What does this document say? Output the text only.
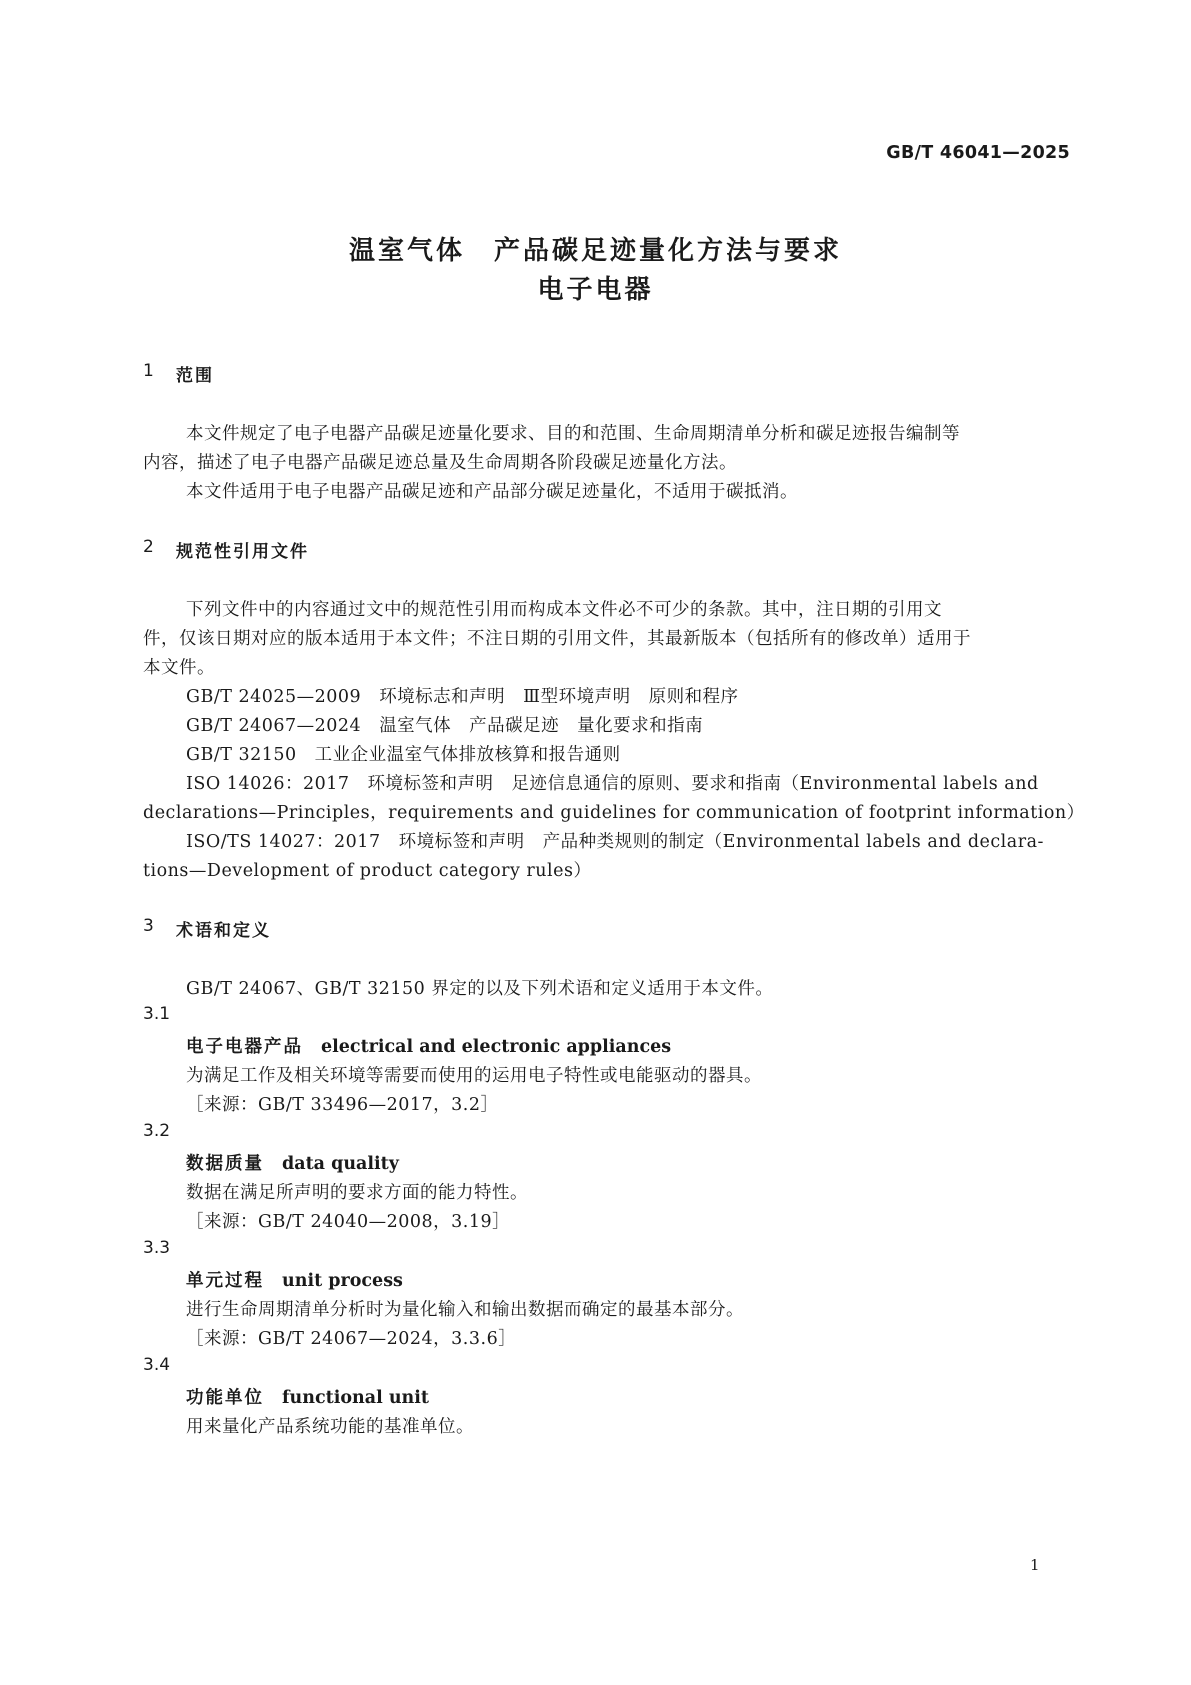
GB/T 46041—2025
温室气体　产品碳足迹量化方法与要求
电子电器
1 范围
本文件规定了电子电器产品碳足迹量化要求、目的和范围、生命周期清单分析和碳足迹报告编制等
内容，描述了电子电器产品碳足迹总量及生命周期各阶段碳足迹量化方法。
本文件适用于电子电器产品碳足迹和产品部分碳足迹量化，不适用于碳抵消。
2 规范性引用文件
下列文件中的内容通过文中的规范性引用而构成本文件必不可少的条款。其中，注日期的引用文
件，仅该日期对应的版本适用于本文件；不注日期的引用文件，其最新版本（包括所有的修改单）适用于
本文件。
GB/T 24025—2009 环境标志和声明　Ⅲ型环境声明　原则和程序
GB/T 24067—2024 温室气体　产品碳足迹　量化要求和指南
GB/T 32150 工业企业温室气体排放核算和报告通则
ISO 14026：2017　环境标签和声明　足迹信息通信的原则、要求和指南（Environmental labels and
declarations—Principles，requirements and guidelines for communication of footprint information）
ISO/TS 14027：2017　环境标签和声明　产品种类规则的制定（Environmental labels and declara-
tions—Development of product category rules）
3 术语和定义
GB/T 24067、GB/T 32150 界定的以及下列术语和定义适用于本文件。
3.1
电子电器产品 electrical and electronic appliances
为满足工作及相关环境等需要而使用的运用电子特性或电能驱动的器具。
［来源：GB/T 33496—2017，3.2］
3.2
数据质量 data quality
数据在满足所声明的要求方面的能力特性。
［来源：GB/T 24040—2008，3.19］
3.3
单元过程 unit process
进行生命周期清单分析时为量化输入和输出数据而确定的最基本部分。
［来源：GB/T 24067—2024，3.3.6］
3.4
功能单位 functional unit
用来量化产品系统功能的基准单位。
1
